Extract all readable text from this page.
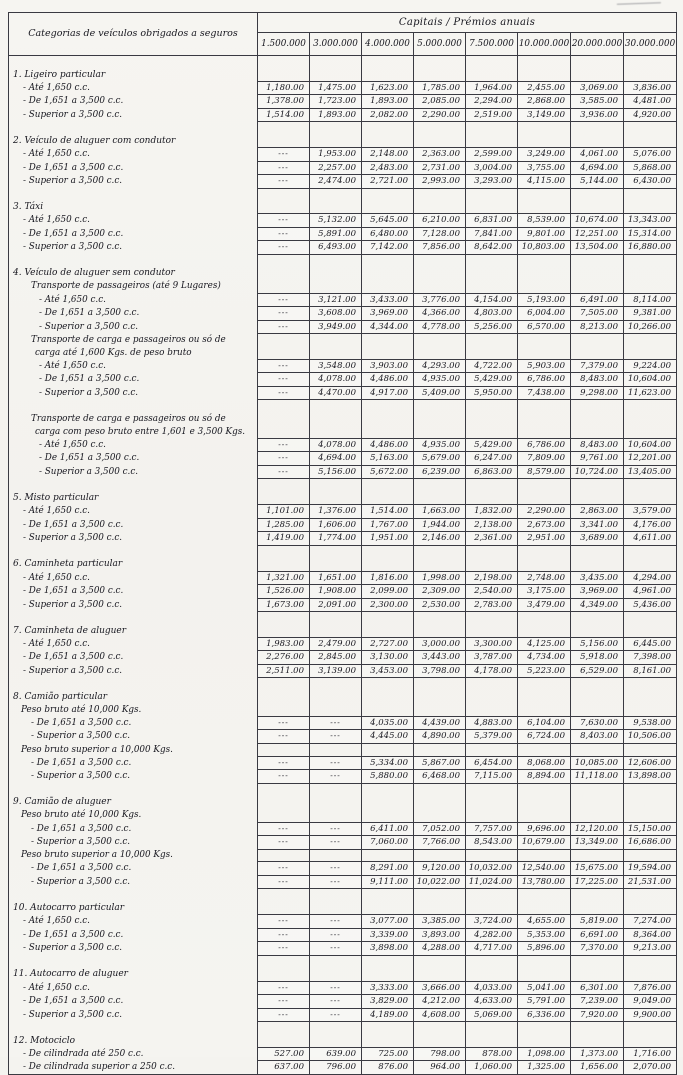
Categorias de veículos obrigados a seguros	Capitais / Prémios anuais							
	1.500.000	3.000.000	4.000.000	5.000.000	7.500.000	10.000.000	20.000.000	30.000.000

1. Ligeiro particular								
- Até 1,650 c.c.	1,180.00	1,475.00	1,623.00	1,785.00	1,964.00	2,455.00	3,069.00	3,836.00
- De 1,651 a 3,500 c.c.	1,378.00	1,723.00	1,893.00	2,085.00	2,294.00	2,868.00	3,585.00	4,481.00
- Superior a 3,500 c.c.	1,514.00	1,893.00	2,082.00	2,290.00	2,519.00	3,149.00	3,936.00	4,920.00

2. Veículo de aluguer com condutor								
- Até 1,650 c.c.	---	1,953.00	2,148.00	2,363.00	2,599.00	3,249.00	4,061.00	5,076.00
- De 1,651 a 3,500 c.c.	---	2,257.00	2,483.00	2,731.00	3,004.00	3,755.00	4,694.00	5,868.00
- Superior a 3,500 c.c.	---	2,474.00	2,721.00	2,993.00	3,293.00	4,115.00	5,144.00	6,430.00

3. Táxi								
- Até 1,650 c.c.	---	5,132.00	5,645.00	6,210.00	6,831.00	8,539.00	10,674.00	13,343.00
- De 1,651 a 3,500 c.c.	---	5,891.00	6,480.00	7,128.00	7,841.00	9,801.00	12,251.00	15,314.00
- Superior a 3,500 c.c.	---	6,493.00	7,142.00	7,856.00	8,642.00	10,803.00	13,504.00	16,880.00

4. Veículo de aluguer sem condutor								
Transporte de passageiros (até 9 Lugares)								
- Até 1,650 c.c.	---	3,121.00	3,433.00	3,776.00	4,154.00	5,193.00	6,491.00	8,114.00
- De 1,651 a 3,500 c.c.	---	3,608.00	3,969.00	4,366.00	4,803.00	6,004.00	7,505.00	9,381.00
- Superior a 3,500 c.c.	---	3,949.00	4,344.00	4,778.00	5,256.00	6,570.00	8,213.00	10,266.00
Transporte de carga e passageiros ou só de								
carga até 1,600 Kgs. de peso bruto								
- Até 1,650 c.c.	---	3,548.00	3,903.00	4,293.00	4,722.00	5,903.00	7,379.00	9,224.00
- De 1,651 a 3,500 c.c.	---	4,078.00	4,486.00	4,935.00	5,429.00	6,786.00	8,483.00	10,604.00
- Superior a 3,500 c.c.	---	4,470.00	4,917.00	5,409.00	5,950.00	7,438.00	9,298.00	11,623.00

Transporte de carga e passageiros ou só de								
carga com peso bruto entre 1,601 e 3,500 Kgs.								
- Até 1,650 c.c.	---	4,078.00	4,486.00	4,935.00	5,429.00	6,786.00	8,483.00	10,604.00
- De 1,651 a 3,500 c.c.	---	4,694.00	5,163.00	5,679.00	6,247.00	7,809.00	9,761.00	12,201.00
- Superior a 3,500 c.c.	---	5,156.00	5,672.00	6,239.00	6,863.00	8,579.00	10,724.00	13,405.00

5. Misto particular								
- Até 1,650 c.c.	1,101.00	1,376.00	1,514.00	1,663.00	1,832.00	2,290.00	2,863.00	3,579.00
- De 1,651 a 3,500 c.c.	1,285.00	1,606.00	1,767.00	1,944.00	2,138.00	2,673.00	3,341.00	4,176.00
- Superior a 3,500 c.c.	1,419.00	1,774.00	1,951.00	2,146.00	2,361.00	2,951.00	3,689.00	4,611.00

6. Caminheta particular								
- Até 1,650 c.c.	1,321.00	1,651.00	1,816.00	1,998.00	2,198.00	2,748.00	3,435.00	4,294.00
- De 1,651 a 3,500 c.c.	1,526.00	1,908.00	2,099.00	2,309.00	2,540.00	3,175.00	3,969.00	4,961.00
- Superior a 3,500 c.c.	1,673.00	2,091.00	2,300.00	2,530.00	2,783.00	3,479.00	4,349.00	5,436.00

7. Caminheta de aluguer								
- Até 1,650 c.c.	1,983.00	2,479.00	2,727.00	3,000.00	3,300.00	4,125.00	5,156.00	6,445.00
- De 1,651 a 3,500 c.c.	2,276.00	2,845.00	3,130.00	3,443.00	3,787.00	4,734.00	5,918.00	7,398.00
- Superior a 3,500 c.c.	2,511.00	3,139.00	3,453.00	3,798.00	4,178.00	5,223.00	6,529.00	8,161.00

8. Camião particular								
Peso bruto até 10,000 Kgs.								
- De 1,651 a 3,500 c.c.	---	---	4,035.00	4,439.00	4,883.00	6,104.00	7,630.00	9,538.00
- Superior a 3,500 c.c.	---	---	4,445.00	4,890.00	5,379.00	6,724.00	8,403.00	10,506.00
Peso bruto superior a 10,000 Kgs.								
- De 1,651 a 3,500 c.c.	---	---	5,334.00	5,867.00	6,454.00	8,068.00	10,085.00	12,606.00
- Superior a 3,500 c.c.	---	---	5,880.00	6,468.00	7,115.00	8,894.00	11,118.00	13,898.00

9. Camião de aluguer								
Peso bruto até 10,000 Kgs.								
- De 1,651 a 3,500 c.c.	---	---	6,411.00	7,052.00	7,757.00	9,696.00	12,120.00	15,150.00
- Superior a 3,500 c.c.	---	---	7,060.00	7,766.00	8,543.00	10,679.00	13,349.00	16,686.00
Peso bruto superior a 10,000 Kgs.								
- De 1,651 a 3,500 c.c.	---	---	8,291.00	9,120.00	10,032.00	12,540.00	15,675.00	19,594.00
- Superior a 3,500 c.c.	---	---	9,111.00	10,022.00	11,024.00	13,780.00	17,225.00	21,531.00

10. Autocarro particular								
- Até 1,650 c.c.	---	---	3,077.00	3,385.00	3,724.00	4,655.00	5,819.00	7,274.00
- De 1,651 a 3,500 c.c.	---	---	3,339.00	3,893.00	4,282.00	5,353.00	6,691.00	8,364.00
- Superior a 3,500 c.c.	---	---	3,898.00	4,288.00	4,717.00	5,896.00	7,370.00	9,213.00

11. Autocarro de aluguer								
- Até 1,650 c.c.	---	---	3,333.00	3,666.00	4,033.00	5,041.00	6,301.00	7,876.00
- De 1,651 a 3,500 c.c.	---	---	3,829.00	4,212.00	4,633.00	5,791.00	7,239.00	9,049.00
- Superior a 3,500 c.c.	---	---	4,189.00	4,608.00	5,069.00	6,336.00	7,920.00	9,900.00

12. Motociclo								
- De cilindrada até 250 c.c.	527.00	639.00	725.00	798.00	878.00	1,098.00	1,373.00	1,716.00
- De cilindrada superior a 250 c.c.	637.00	796.00	876.00	964.00	1,060.00	1,325.00	1,656.00	2,070.00
